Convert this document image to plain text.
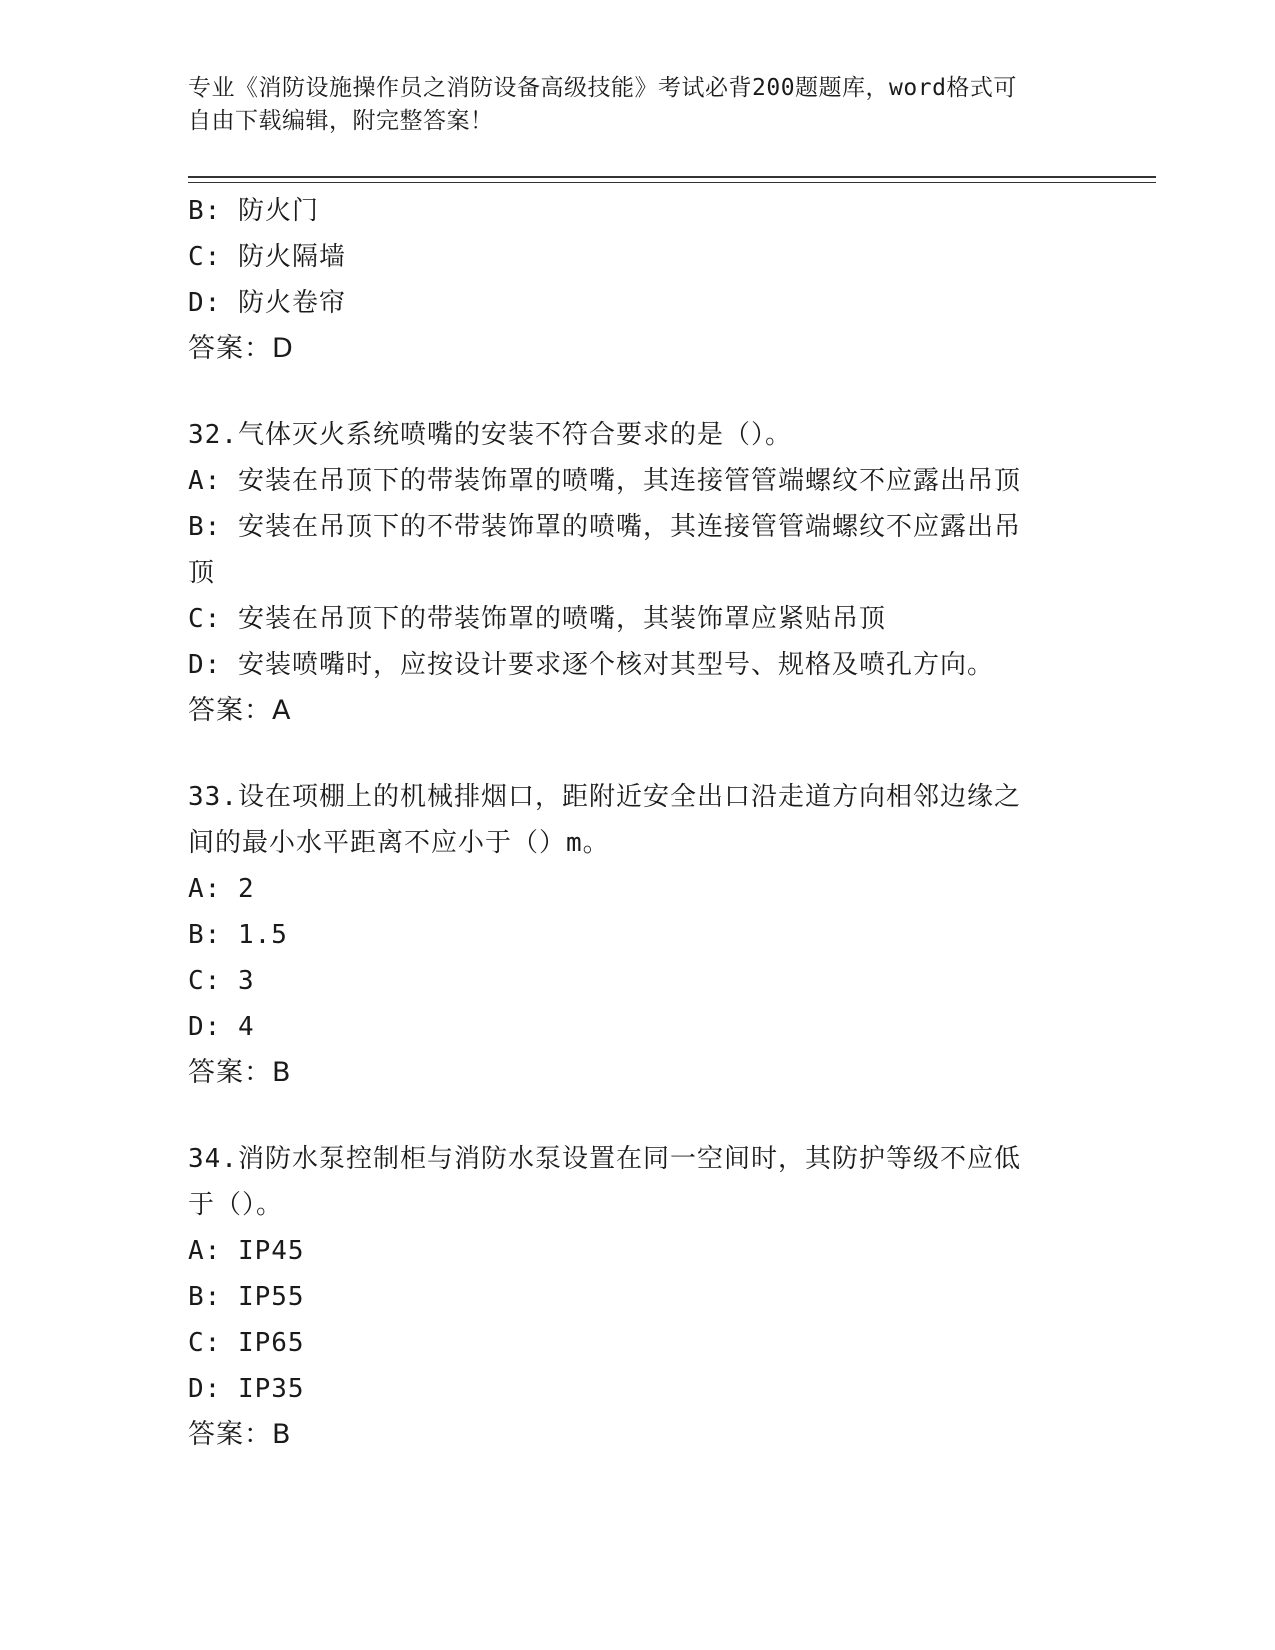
专业《消防设施操作员之消防设备高级技能》考试必背200题题库，word格式可
自由下载编辑，附完整答案！
B: 防火门
C: 防火隔墙
D: 防火卷帘
答案：D
32.气体灭火系统喷嘴的安装不符合要求的是（）。
A: 安装在吊顶下的带装饰罩的喷嘴，其连接管管端螺纹不应露出吊顶
B: 安装在吊顶下的不带装饰罩的喷嘴，其连接管管端螺纹不应露出吊
顶
C: 安装在吊顶下的带装饰罩的喷嘴，其装饰罩应紧贴吊顶
D: 安装喷嘴时，应按设计要求逐个核对其型号、规格及喷孔方向。
答案：A
33.设在项棚上的机械排烟口，距附近安全出口沿走道方向相邻边缘之
间的最小水平距离不应小于（）m。
A: 2
B: 1.5
C: 3
D: 4
答案：B
34.消防水泵控制柜与消防水泵设置在同一空间时，其防护等级不应低
于（）。
A: IP45
B: IP55
C: IP65
D: IP35
答案：B
